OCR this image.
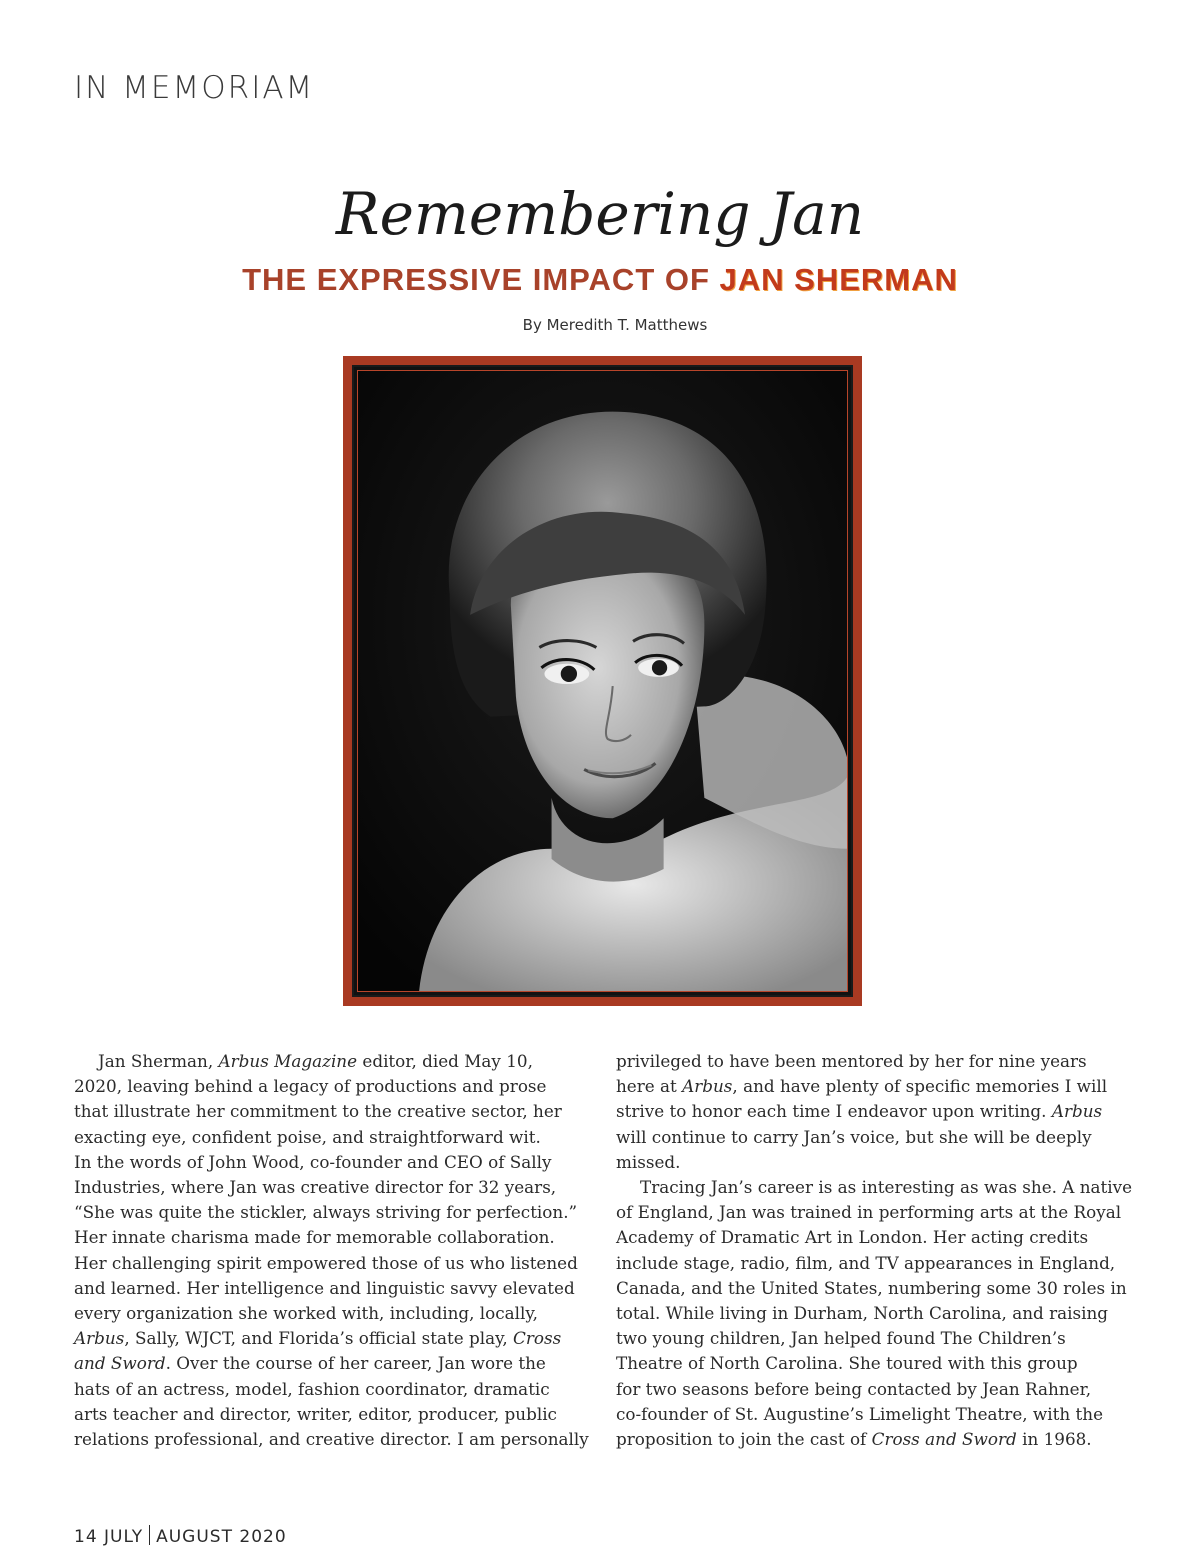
IN MEMORIAM
Remembering Jan
THE EXPRESSIVE IMPACT OF JAN SHERMAN
By Meredith T. Matthews

Jan Sherman, Arbus Magazine editor, died May 10,
2020, leaving behind a legacy of productions and prose
that illustrate her commitment to the creative sector, her
exacting eye, confident poise, and straightforward wit.
In the words of John Wood, co-founder and CEO of Sally
Industries, where Jan was creative director for 32 years,
“She was quite the stickler, always striving for perfection.”
Her innate charisma made for memorable collaboration.
Her challenging spirit empowered those of us who listened
and learned. Her intelligence and linguistic savvy elevated
every organization she worked with, including, locally,
Arbus, Sally, WJCT, and Florida’s official state play, Cross
and Sword. Over the course of her career, Jan wore the
hats of an actress, model, fashion coordinator, dramatic
arts teacher and director, writer, editor, producer, public
relations professional, and creative director. I am personally

privileged to have been mentored by her for nine years
here at Arbus, and have plenty of specific memories I will
strive to honor each time I endeavor upon writing. Arbus
will continue to carry Jan’s voice, but she will be deeply
missed.

Tracing Jan’s career is as interesting as was she. A native
of England, Jan was trained in performing arts at the Royal
Academy of Dramatic Art in London. Her acting credits
include stage, radio, film, and TV appearances in England,
Canada, and the United States, numbering some 30 roles in
total. While living in Durham, North Carolina, and raising
two young children, Jan helped found The Children’s
Theatre of North Carolina. She toured with this group
for two seasons before being contacted by Jean Rahner,
co-founder of St. Augustine’s Limelight Theatre, with the
proposition to join the cast of Cross and Sword in 1968.

14 JULY AUGUST 2020
